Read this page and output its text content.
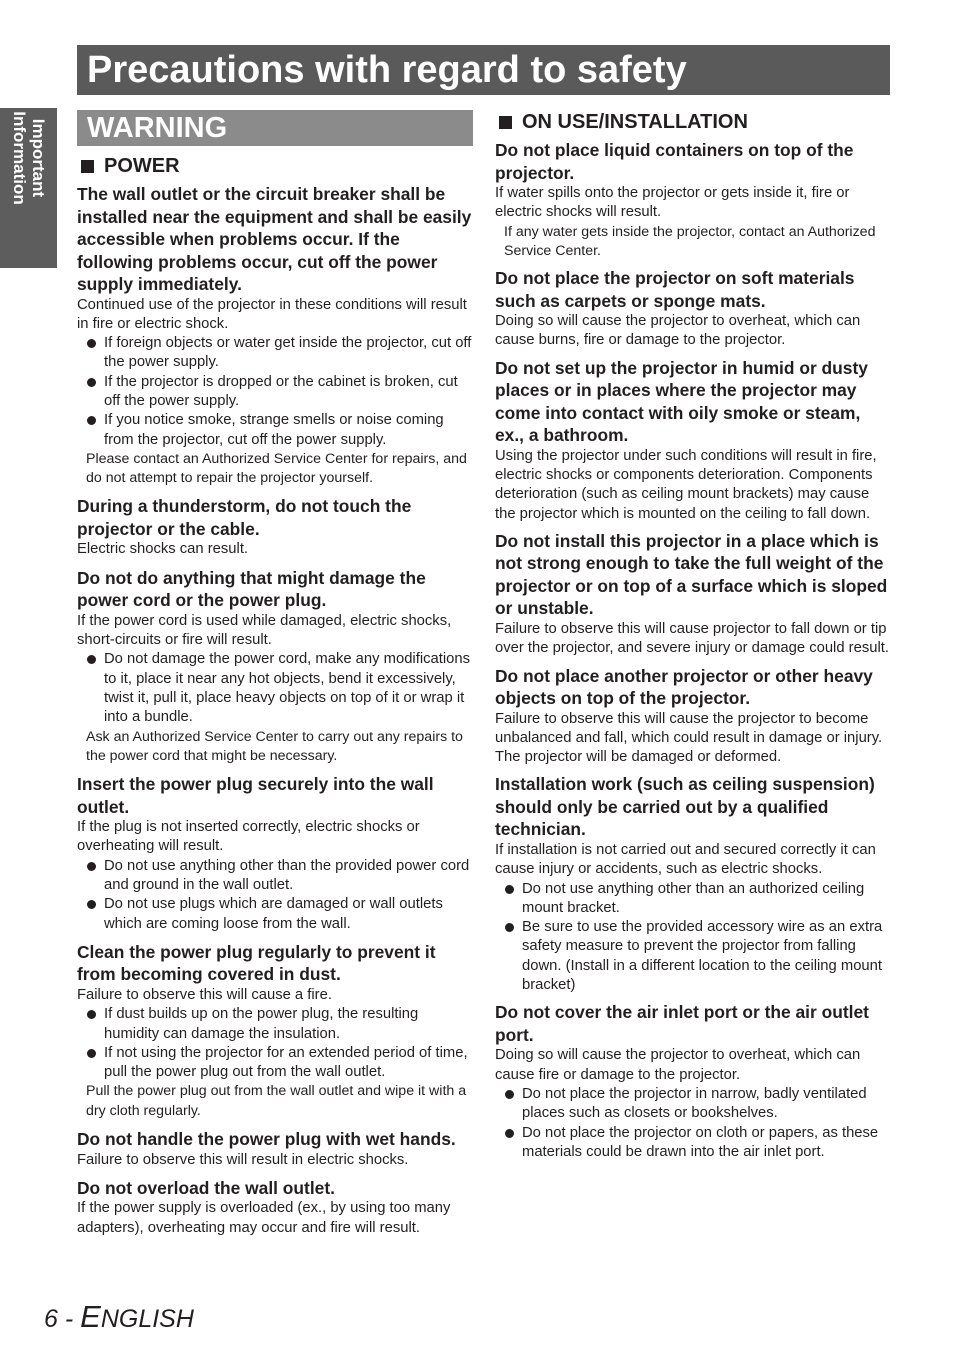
Important
Information
Precautions with regard to safety
WARNING
POWER

The wall outlet or the circuit breaker shall be installed near the equipment and shall be easily accessible when problems occur. If the following problems occur, cut off the power supply immediately.

Continued use of the projector in these conditions will result in fire or electric shock.

If foreign objects or water get inside the projector, cut off the power supply.

If the projector is dropped or the cabinet is broken, cut off the power supply.

If you notice smoke, strange smells or noise coming from the projector, cut off the power supply.

Please contact an Authorized Service Center for repairs, and do not attempt to repair the projector yourself.

During a thunderstorm, do not touch the projector or the cable.

Electric shocks can result.

Do not do anything that might damage the power cord or the power plug.

If the power cord is used while damaged, electric shocks, short-circuits or fire will result.

Do not damage the power cord, make any modifications to it, place it near any hot objects, bend it excessively, twist it, pull it, place heavy objects on top of it or wrap it into a bundle.

Ask an Authorized Service Center to carry out any repairs to the power cord that might be necessary.

Insert the power plug securely into the wall outlet.

If the plug is not inserted correctly, electric shocks or overheating will result.

Do not use anything other than the provided power cord and ground in the wall outlet.

Do not use plugs which are damaged or wall outlets which are coming loose from the wall.

Clean the power plug regularly to prevent it from becoming covered in dust.

Failure to observe this will cause a fire.

If dust builds up on the power plug, the resulting humidity can damage the insulation.

If not using the projector for an extended period of time, pull the power plug out from the wall outlet.

Pull the power plug out from the wall outlet and wipe it with a dry cloth regularly.

Do not handle the power plug with wet hands.

Failure to observe this will result in electric shocks.

Do not overload the wall outlet.

If the power supply is overloaded (ex., by using too many adapters), overheating may occur and fire will result.

ON USE/INSTALLATION

Do not place liquid containers on top of the projector.

If water spills onto the projector or gets inside it, fire or electric shocks will result.

If any water gets inside the projector, contact an Authorized Service Center.

Do not place the projector on soft materials such as carpets or sponge mats.

Doing so will cause the projector to overheat, which can cause burns, fire or damage to the projector.

Do not set up the projector in humid or dusty places or in places where the projector may come into contact with oily smoke or steam, ex., a bathroom.

Using the projector under such conditions will result in fire, electric shocks or components deterioration. Components deterioration (such as ceiling mount brackets) may cause the projector which is mounted on the ceiling to fall down.

Do not install this projector in a place which is not strong enough to take the full weight of the projector or on top of a surface which is sloped or unstable.

Failure to observe this will cause projector to fall down or tip over the projector, and severe injury or damage could result.

Do not place another projector or other heavy objects on top of the projector.

Failure to observe this will cause the projector to become unbalanced and fall, which could result in damage or injury. The projector will be damaged or deformed.

Installation work (such as ceiling suspension) should only be carried out by a qualified technician.

If installation is not carried out and secured correctly it can cause injury or accidents, such as electric shocks.

Do not use anything other than an authorized ceiling mount bracket.

Be sure to use the provided accessory wire as an extra safety measure to prevent the projector from falling down. (Install in a different location to the ceiling mount bracket)

Do not cover the air inlet port or the air outlet port.

Doing so will cause the projector to overheat, which can cause fire or damage to the projector.

Do not place the projector in narrow, badly ventilated places such as closets or bookshelves.

Do not place the projector on cloth or papers, as these materials could be drawn into the air inlet port.

6 - ENGLISH
